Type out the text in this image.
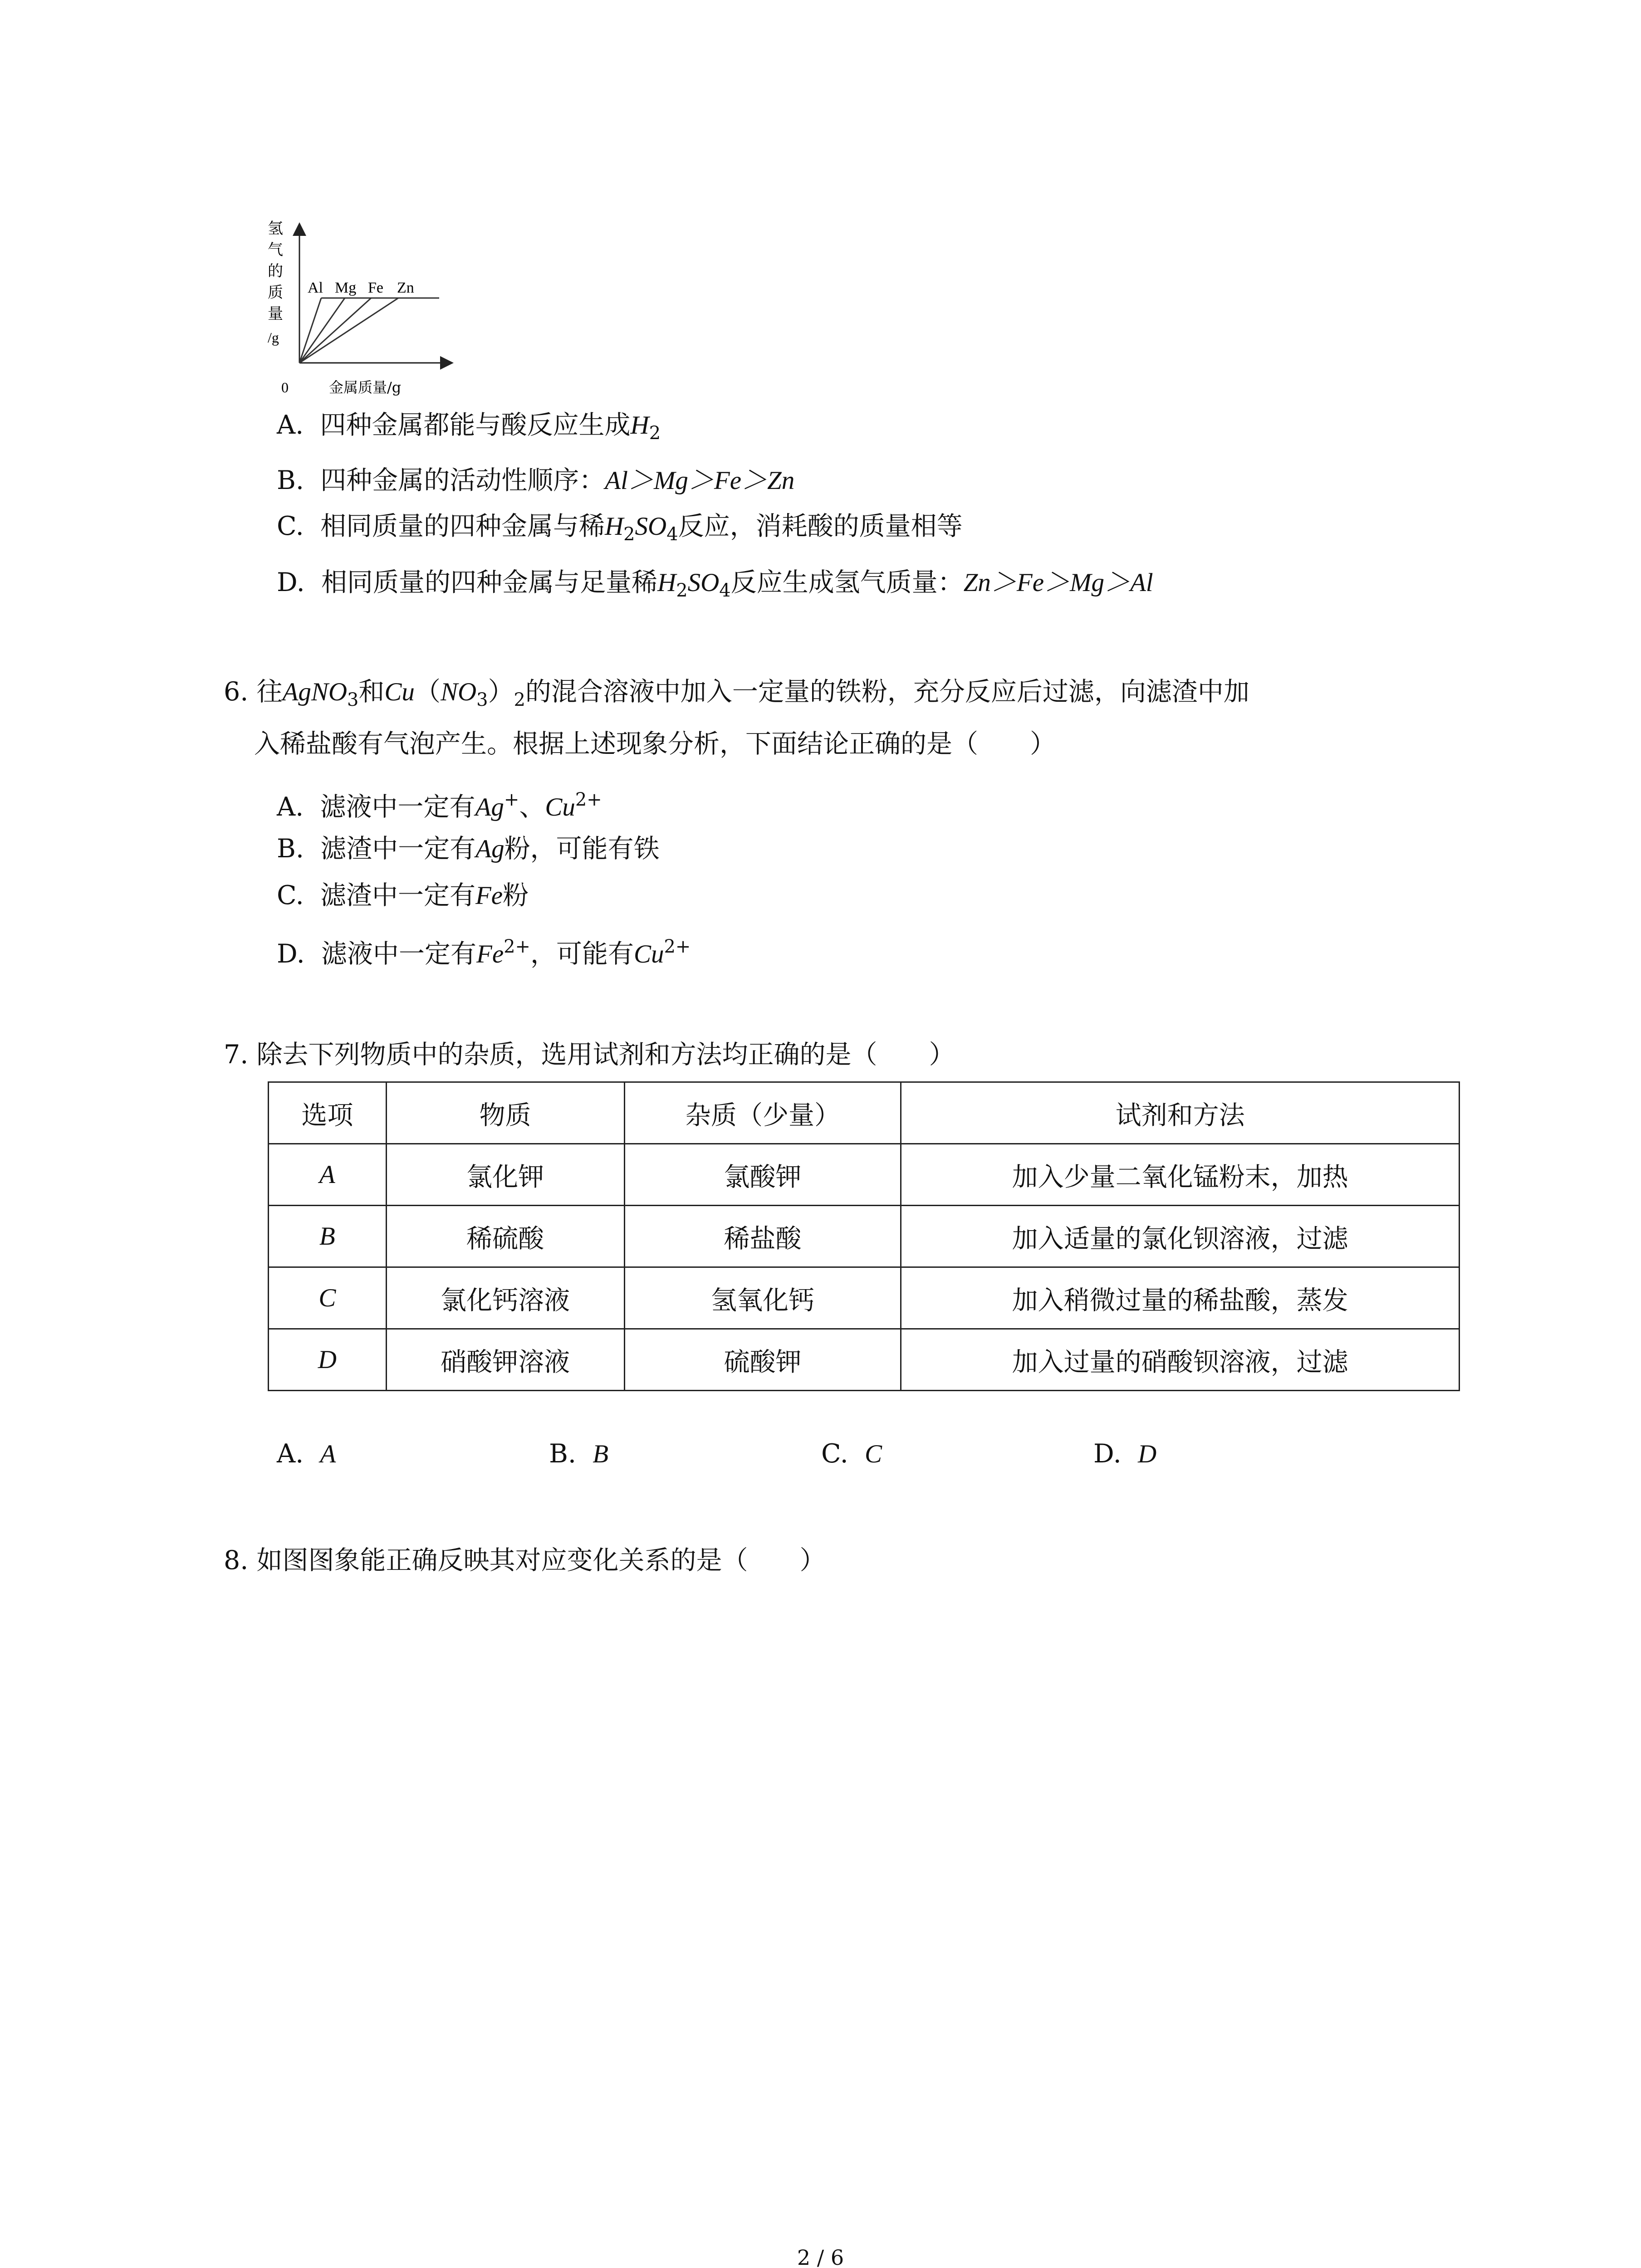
Al Mg Fe Zn
氢
气
的
质
量
/g
0	金属质量/g
A. 四种金属都能与酸反应生成$H_2$
B. 四种金属的活动性顺序：Al＞Mg＞Fe＞Zn
C. 相同质量的四种金属与稀$H_2SO_4$反应，消耗酸的质量相等
D. 相同质量的四种金属与足量稀$H_2SO_4$反应生成氢气质量：Zn＞Fe＞Mg＞Al
6. 往AgNO$_3$和$Cu(NO_3)_2$的混合溶液中加入一定量的铁粉，充分反应后过滤，向滤渣中加
入稀盐酸有气泡产生。根据上述现象分析，下面结论正确的是（　　）
A. 滤液中一定有Ag+、$Cu^{2+}$
B. 滤渣中一定有Ag粉，可能有铁
C. 滤渣中一定有Fe粉
D. 滤液中一定有$Fe^{2+}$，可能有$Cu^{2+}$
7. 除去下列物质中的杂质，选用试剂和方法均正确的是（　　）
选项	物质	杂质（少量）	试剂和方法
A	氯化钾	氯酸钾	加入少量二氧化锰粉末，加热
B	稀硫酸	稀盐酸	加入适量的氯化钡溶液，过滤
C	氯化钙溶液	氢氧化钙	加入稍微过量的稀盐酸，蒸发
D	硝酸钾溶液	硫酸钾	加入过量的硝酸钡溶液，过滤
A. A	B. B	C. C	D. D
8. 如图图象能正确反映其对应变化关系的是（　　）
2 / 6
